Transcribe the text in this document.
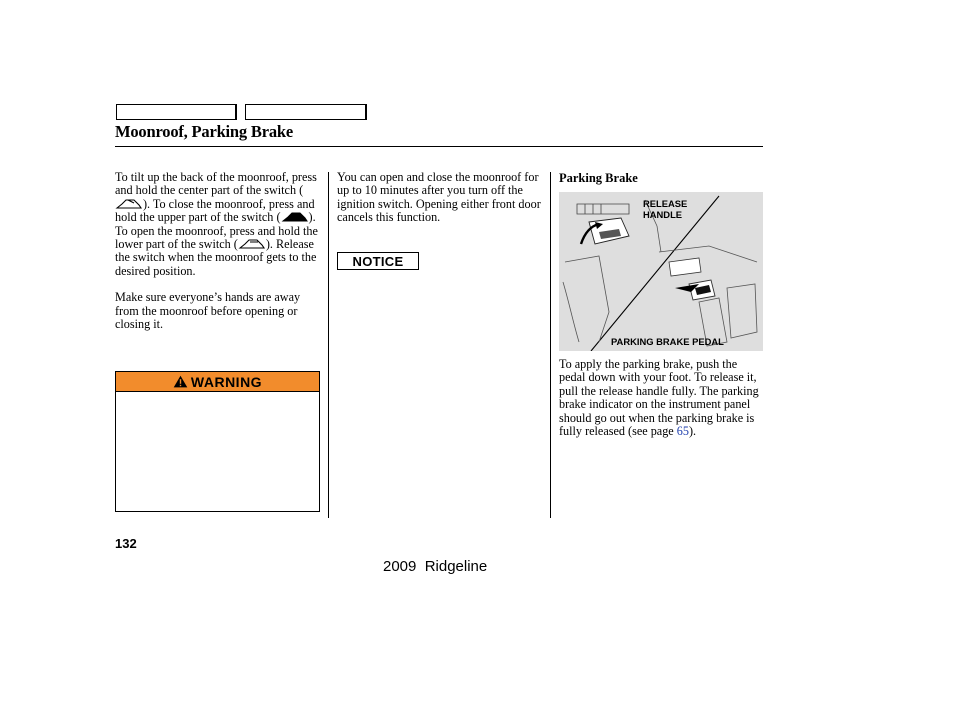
Moonroof, Parking Brake

To tilt up the back of the moonroof, press and hold the center part of the switch (
). To close the moonroof, press and hold the upper part of the switch ( ). To open the moonroof, press and hold the lower part of the switch ( ). Release the switch when the moonroof gets to the desired position.

Make sure everyone’s hands are away from the moonroof before opening or closing it.

WARNING

You can open and close the moonroof for up to 10 minutes after you turn off the ignition switch. Opening either front door cancels this function.

NOTICE
Parking Brake
RELEASE
HANDLE
PARKING BRAKE PEDAL

To apply the parking brake, push the pedal down with your foot. To release it, pull the release handle fully. The parking brake indicator on the instrument panel should go out when the parking brake is fully released (see page 65).

132
2009  Ridgeline
